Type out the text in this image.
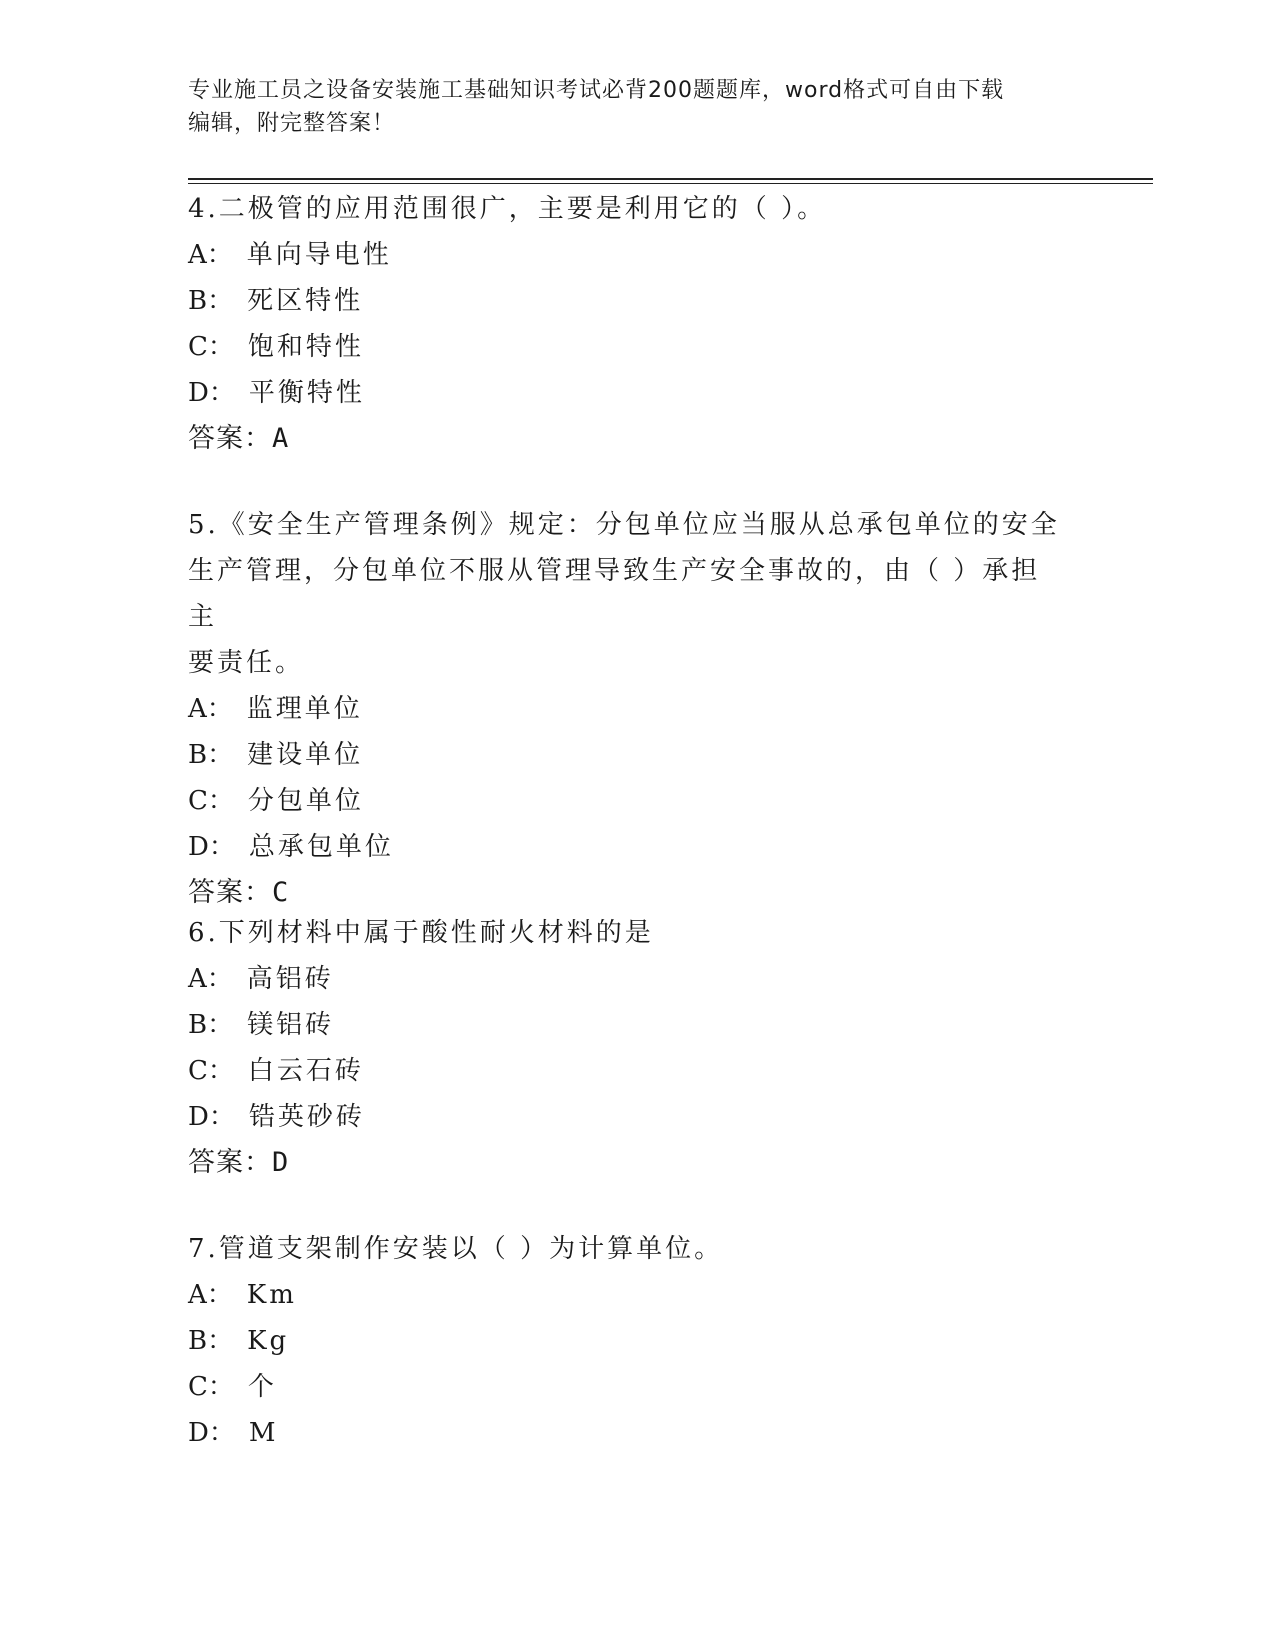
专业施工员之设备安装施工基础知识考试必背200题题库，word格式可自由下载
编辑，附完整答案！

4.二极管的应用范围很广，主要是利用它的（ ）。

A： 单向导电性

B： 死区特性

C： 饱和特性

D： 平衡特性

答案：A

5.《安全生产管理条例》规定：分包单位应当服从总承包单位的安全

生产管理，分包单位不服从管理导致生产安全事故的，由（ ）承担主

要责任。

A： 监理单位

B： 建设单位

C： 分包单位

D： 总承包单位

答案：C

6.下列材料中属于酸性耐火材料的是

A： 高铝砖

B： 镁铝砖

C： 白云石砖

D： 锆英砂砖

答案：D

7.管道支架制作安装以（ ）为计算单位。

A： Km

B： Kg

C： 个

D： M
